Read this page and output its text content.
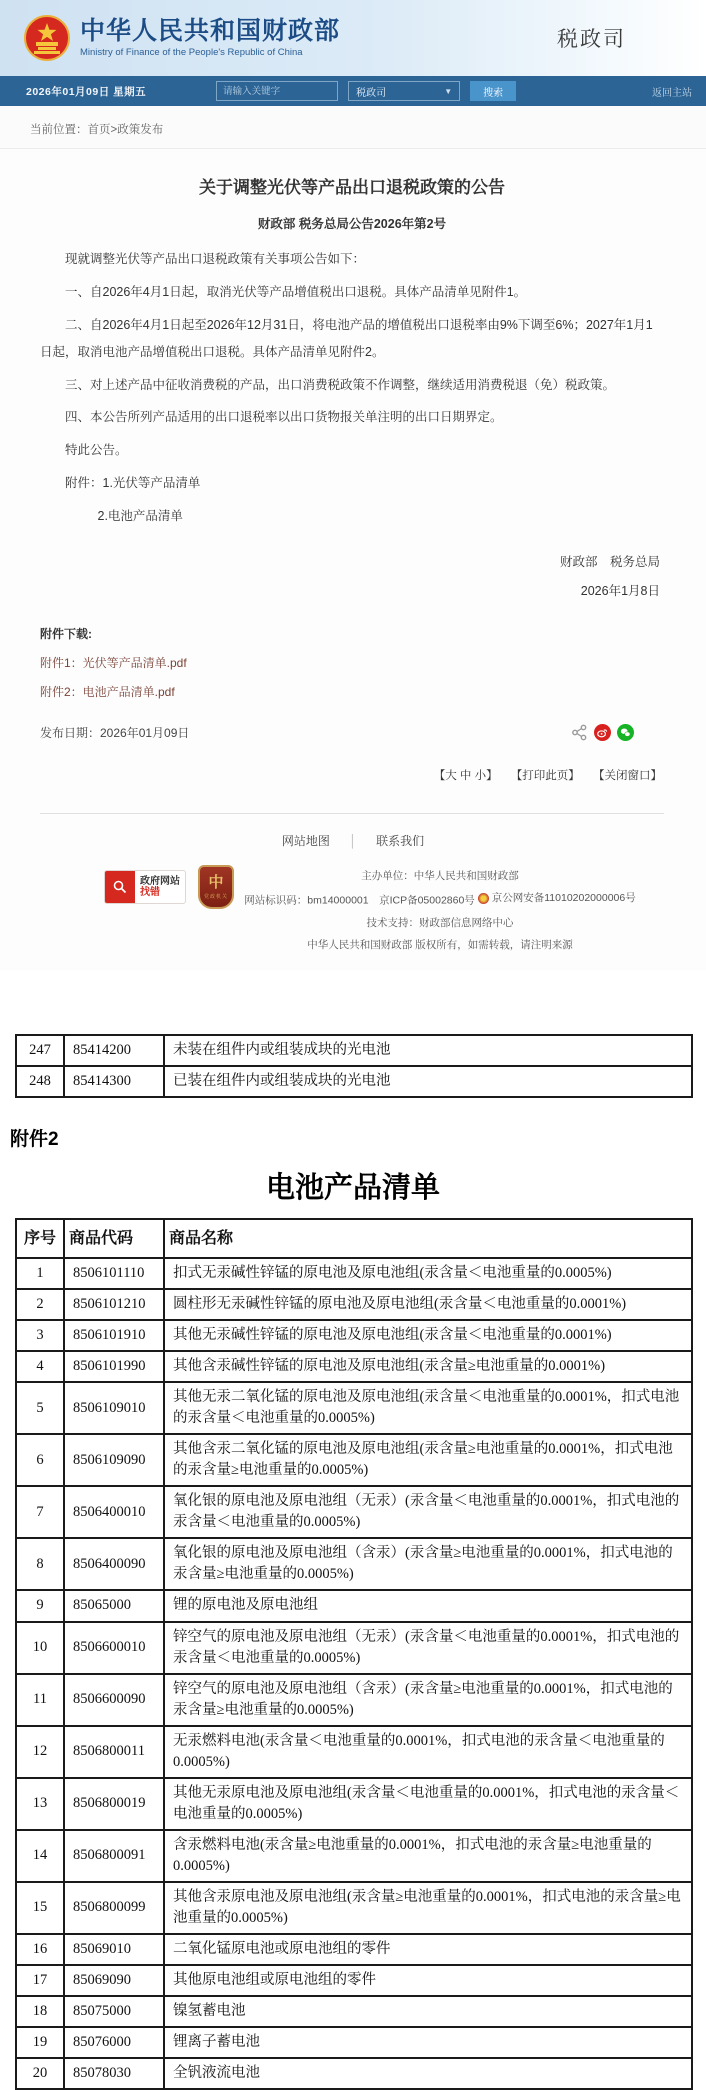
中华人民共和国财政部
Ministry of Finance of the People's Republic of China
税政司
2026年01月09日 星期五
请输入关键字	税政司	▼	搜索	返回主站
当前位置：首页>政策发布
关于调整光伏等产品出口退税政策的公告
财政部 税务总局公告2026年第2号

现就调整光伏等产品出口退税政策有关事项公告如下：

一、自2026年4月1日起，取消光伏等产品增值税出口退税。具体产品清单见附件1。

二、自2026年4月1日起至2026年12月31日，将电池产品的增值税出口退税率由9%下调至6%；2027年1月1日起，取消电池产品增值税出口退税。具体产品清单见附件2。

三、对上述产品中征收消费税的产品，出口消费税政策不作调整，继续适用消费税退（免）税政策。

四、本公告所列产品适用的出口退税率以出口货物报关单注明的出口日期界定。

特此公告。

附件：1.光伏等产品清单

2.电池产品清单

财政部　税务总局
2026年1月8日
附件下载:
附件1：光伏等产品清单.pdf
附件2：电池产品清单.pdf
发布日期：2026年01月09日
【大 中 小】 【打印此页】 【关闭窗口】
网站地图 │ 联系我们
政府网站
找错
中
党政机关
主办单位：中华人民共和国财政部
网站标识码：bm14000001　京ICP备05002860号 京公网安备11010202000006号
技术支持：财政部信息网络中心
中华人民共和国财政部 版权所有，如需转载，请注明来源
247	85414200	未装在组件内或组装成块的光电池
248	85414300	已装在组件内或组装成块的光电池
附件2
电池产品清单
序号	商品代码	商品名称
1	8506101110	扣式无汞碱性锌锰的原电池及原电池组(汞含量＜电池重量的0.0005%)
2	8506101210	圆柱形无汞碱性锌锰的原电池及原电池组(汞含量＜电池重量的0.0001%)
3	8506101910	其他无汞碱性锌锰的原电池及原电池组(汞含量＜电池重量的0.0001%)
4	8506101990	其他含汞碱性锌锰的原电池及原电池组(汞含量≥电池重量的0.0001%)
5	8506109010	其他无汞二氧化锰的原电池及原电池组(汞含量＜电池重量的0.0001%，扣式电池的汞含量＜电池重量的0.0005%)
6	8506109090	其他含汞二氧化锰的原电池及原电池组(汞含量≥电池重量的0.0001%，扣式电池的汞含量≥电池重量的0.0005%)
7	8506400010	氧化银的原电池及原电池组（无汞）(汞含量＜电池重量的0.0001%，扣式电池的汞含量＜电池重量的0.0005%)
8	8506400090	氧化银的原电池及原电池组（含汞）(汞含量≥电池重量的0.0001%，扣式电池的汞含量≥电池重量的0.0005%)
9	85065000	锂的原电池及原电池组
10	8506600010	锌空气的原电池及原电池组（无汞）(汞含量＜电池重量的0.0001%，扣式电池的汞含量＜电池重量的0.0005%)
11	8506600090	锌空气的原电池及原电池组（含汞）(汞含量≥电池重量的0.0001%，扣式电池的汞含量≥电池重量的0.0005%)
12	8506800011	无汞燃料电池(汞含量＜电池重量的0.0001%，扣式电池的汞含量＜电池重量的0.0005%)
13	8506800019	其他无汞原电池及原电池组(汞含量＜电池重量的0.0001%，扣式电池的汞含量＜电池重量的0.0005%)
14	8506800091	含汞燃料电池(汞含量≥电池重量的0.0001%，扣式电池的汞含量≥电池重量的0.0005%)
15	8506800099	其他含汞原电池及原电池组(汞含量≥电池重量的0.0001%，扣式电池的汞含量≥电池重量的0.0005%)
16	85069010	二氧化锰原电池或原电池组的零件
17	85069090	其他原电池组或原电池组的零件
18	85075000	镍氢蓄电池
19	85076000	锂离子蓄电池
20	85078030	全钒液流电池
